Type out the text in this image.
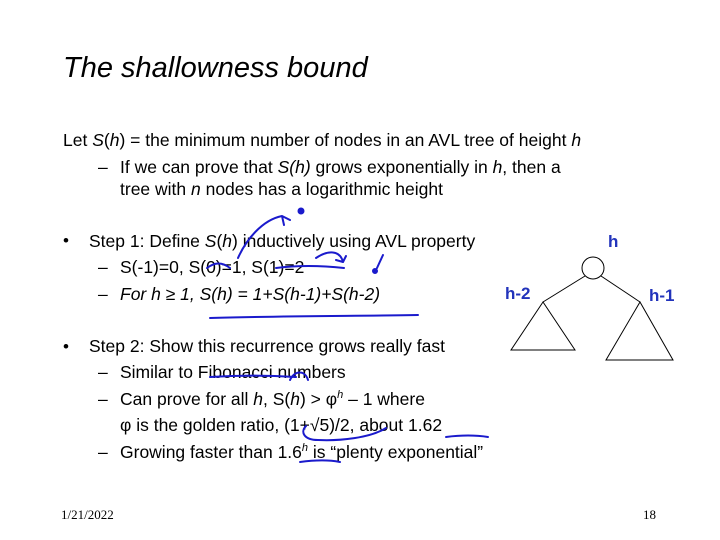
The shallowness bound
Let S(h) = the minimum number of nodes in an AVL tree of height h
– If we can prove that S(h) grows exponentially in h, then a
tree with n nodes has a logarithmic height
• Step 1: Define S(h) inductively using AVL property
– S(-1)=0, S(0)=1, S(1)=2
– For h ≥ 1, S(h) = 1+S(h-1)+S(h-2)
• Step 2: Show this recurrence grows really fast
– Similar to Fibonacci numbers
– Can prove for all h, $S(h) > \varphi^h - 1$ where
φ is the golden ratio, (1+√5)/2, about 1.62
– Growing faster than 1.6$^h$ is “plenty exponential”
h
h-2	h-1
1/21/2022	18
